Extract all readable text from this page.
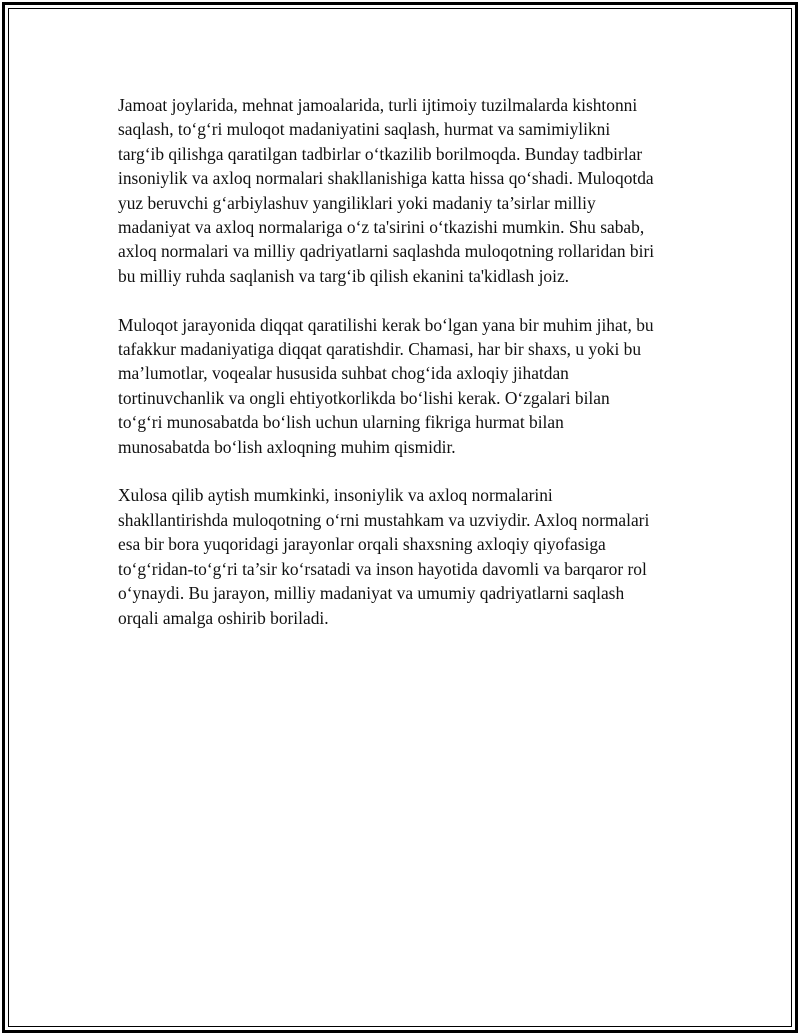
Jamoat joylarida, mehnat jamoalarida, turli ijtimoiy tuzilmalarda kishtonni
saqlash, to‘g‘ri muloqot madaniyatini saqlash, hurmat va samimiylikni
targ‘ib qilishga qaratilgan tadbirlar o‘tkazilib borilmoqda. Bunday tadbirlar
insoniylik va axloq normalari shakllanishiga katta hissa qo‘shadi. Muloqotda
yuz beruvchi g‘arbiylashuv yangiliklari yoki madaniy ta’sirlar milliy
madaniyat va axloq normalariga o‘z ta'sirini o‘tkazishi mumkin. Shu sabab,
axloq normalari va milliy qadriyatlarni saqlashda muloqotning rollaridan biri
bu milliy ruhda saqlanish va targ‘ib qilish ekanini ta'kidlash joiz.

Muloqot jarayonida diqqat qaratilishi kerak bo‘lgan yana bir muhim jihat, bu
tafakkur madaniyatiga diqqat qaratishdir. Chamasi, har bir shaxs, u yoki bu
ma’lumotlar, voqealar hususida suhbat chog‘ida axloqiy jihatdan
tortinuvchanlik va ongli ehtiyotkorlikda bo‘lishi kerak. O‘zgalari bilan
to‘g‘ri munosabatda bo‘lish uchun ularning fikriga hurmat bilan
munosabatda bo‘lish axloqning muhim qismidir.

Xulosa qilib aytish mumkinki, insoniylik va axloq normalarini
shakllantirishda muloqotning o‘rni mustahkam va uzviydir. Axloq normalari
esa bir bora yuqoridagi jarayonlar orqali shaxsning axloqiy qiyofasiga
to‘g‘ridan-to‘g‘ri ta’sir ko‘rsatadi va inson hayotida davomli va barqaror rol
o‘ynaydi. Bu jarayon, milliy madaniyat va umumiy qadriyatlarni saqlash
orqali amalga oshirib boriladi.
